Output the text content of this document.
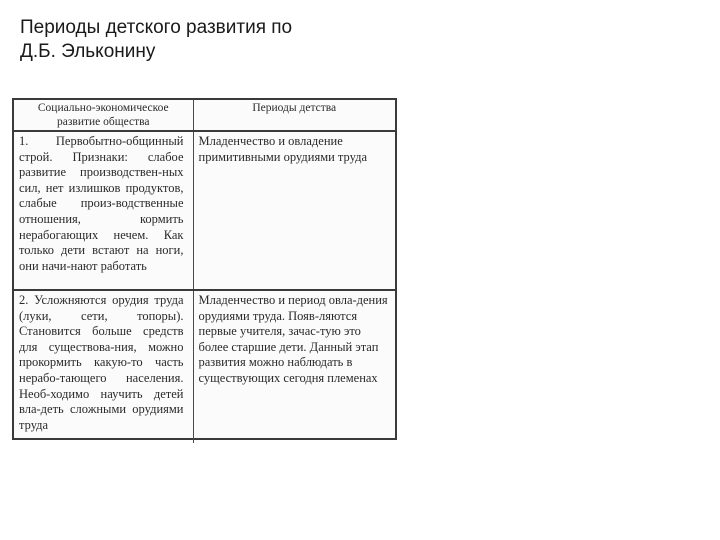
Периоды детского развития по
Д.Б. Эльконину
Социально-экономическое развитие общества	Периоды детства
1. Первобытно-общинный строй. Признаки: слабое развитие производствен-ных сил, нет излишков продуктов, слабые произ-водственные отношения, кормить нерабогающих нечем. Как только дети встают на ноги, они начи-нают работать	Младенчество и овладение примитивными орудиями труда
2. Усложняются орудия труда (луки, сети, топоры). Становится больше средств для существова-ния, можно прокормить какую-то часть нерабо-тающего населения. Необ-ходимо научить детей вла-деть сложными орудиями труда	Младенчество и период овла-дения орудиями труда. Появ-ляются первые учителя, зачас-тую это более старшие дети. Данный этап развития можно наблюдать в существующих сегодня племенах
